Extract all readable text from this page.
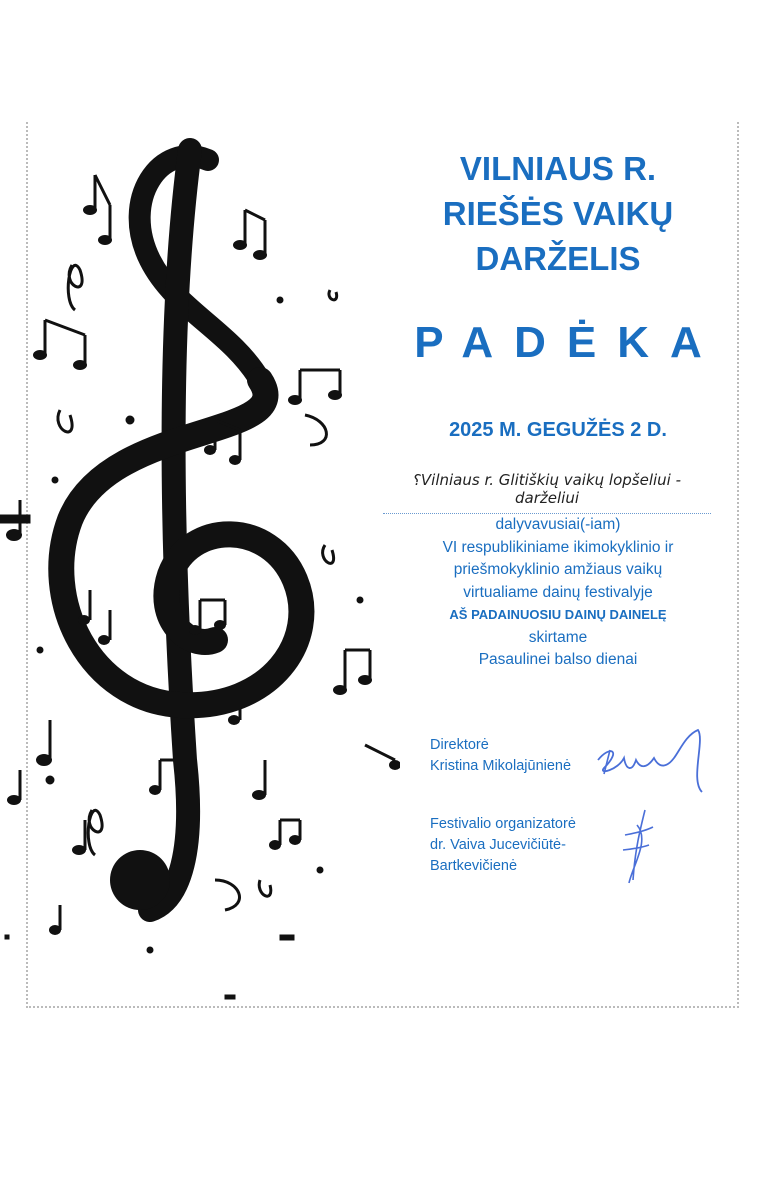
VILNIAUS R.
RIEŠĖS VAIKŲ
DARŽELIS
PADĖKA
2025 M. GEGUŽĖS 2 D.
⸮Vilniaus r. Glitiškių vaikų lopšeliui - darželiui
dalyvavusiai(-iam)
VI respublikiniame ikimokyklinio ir
priešmokyklinio amžiaus vaikų
virtualiame dainų festivalyje
AŠ PADAINUOSIU DAINŲ DAINELĘ
skirtame
Pasaulinei balso dienai
Direktorė
Kristina Mikolajūnienė
Festivalio organizatorė
dr. Vaiva Jucevičiūtė-
Bartkevičienė
